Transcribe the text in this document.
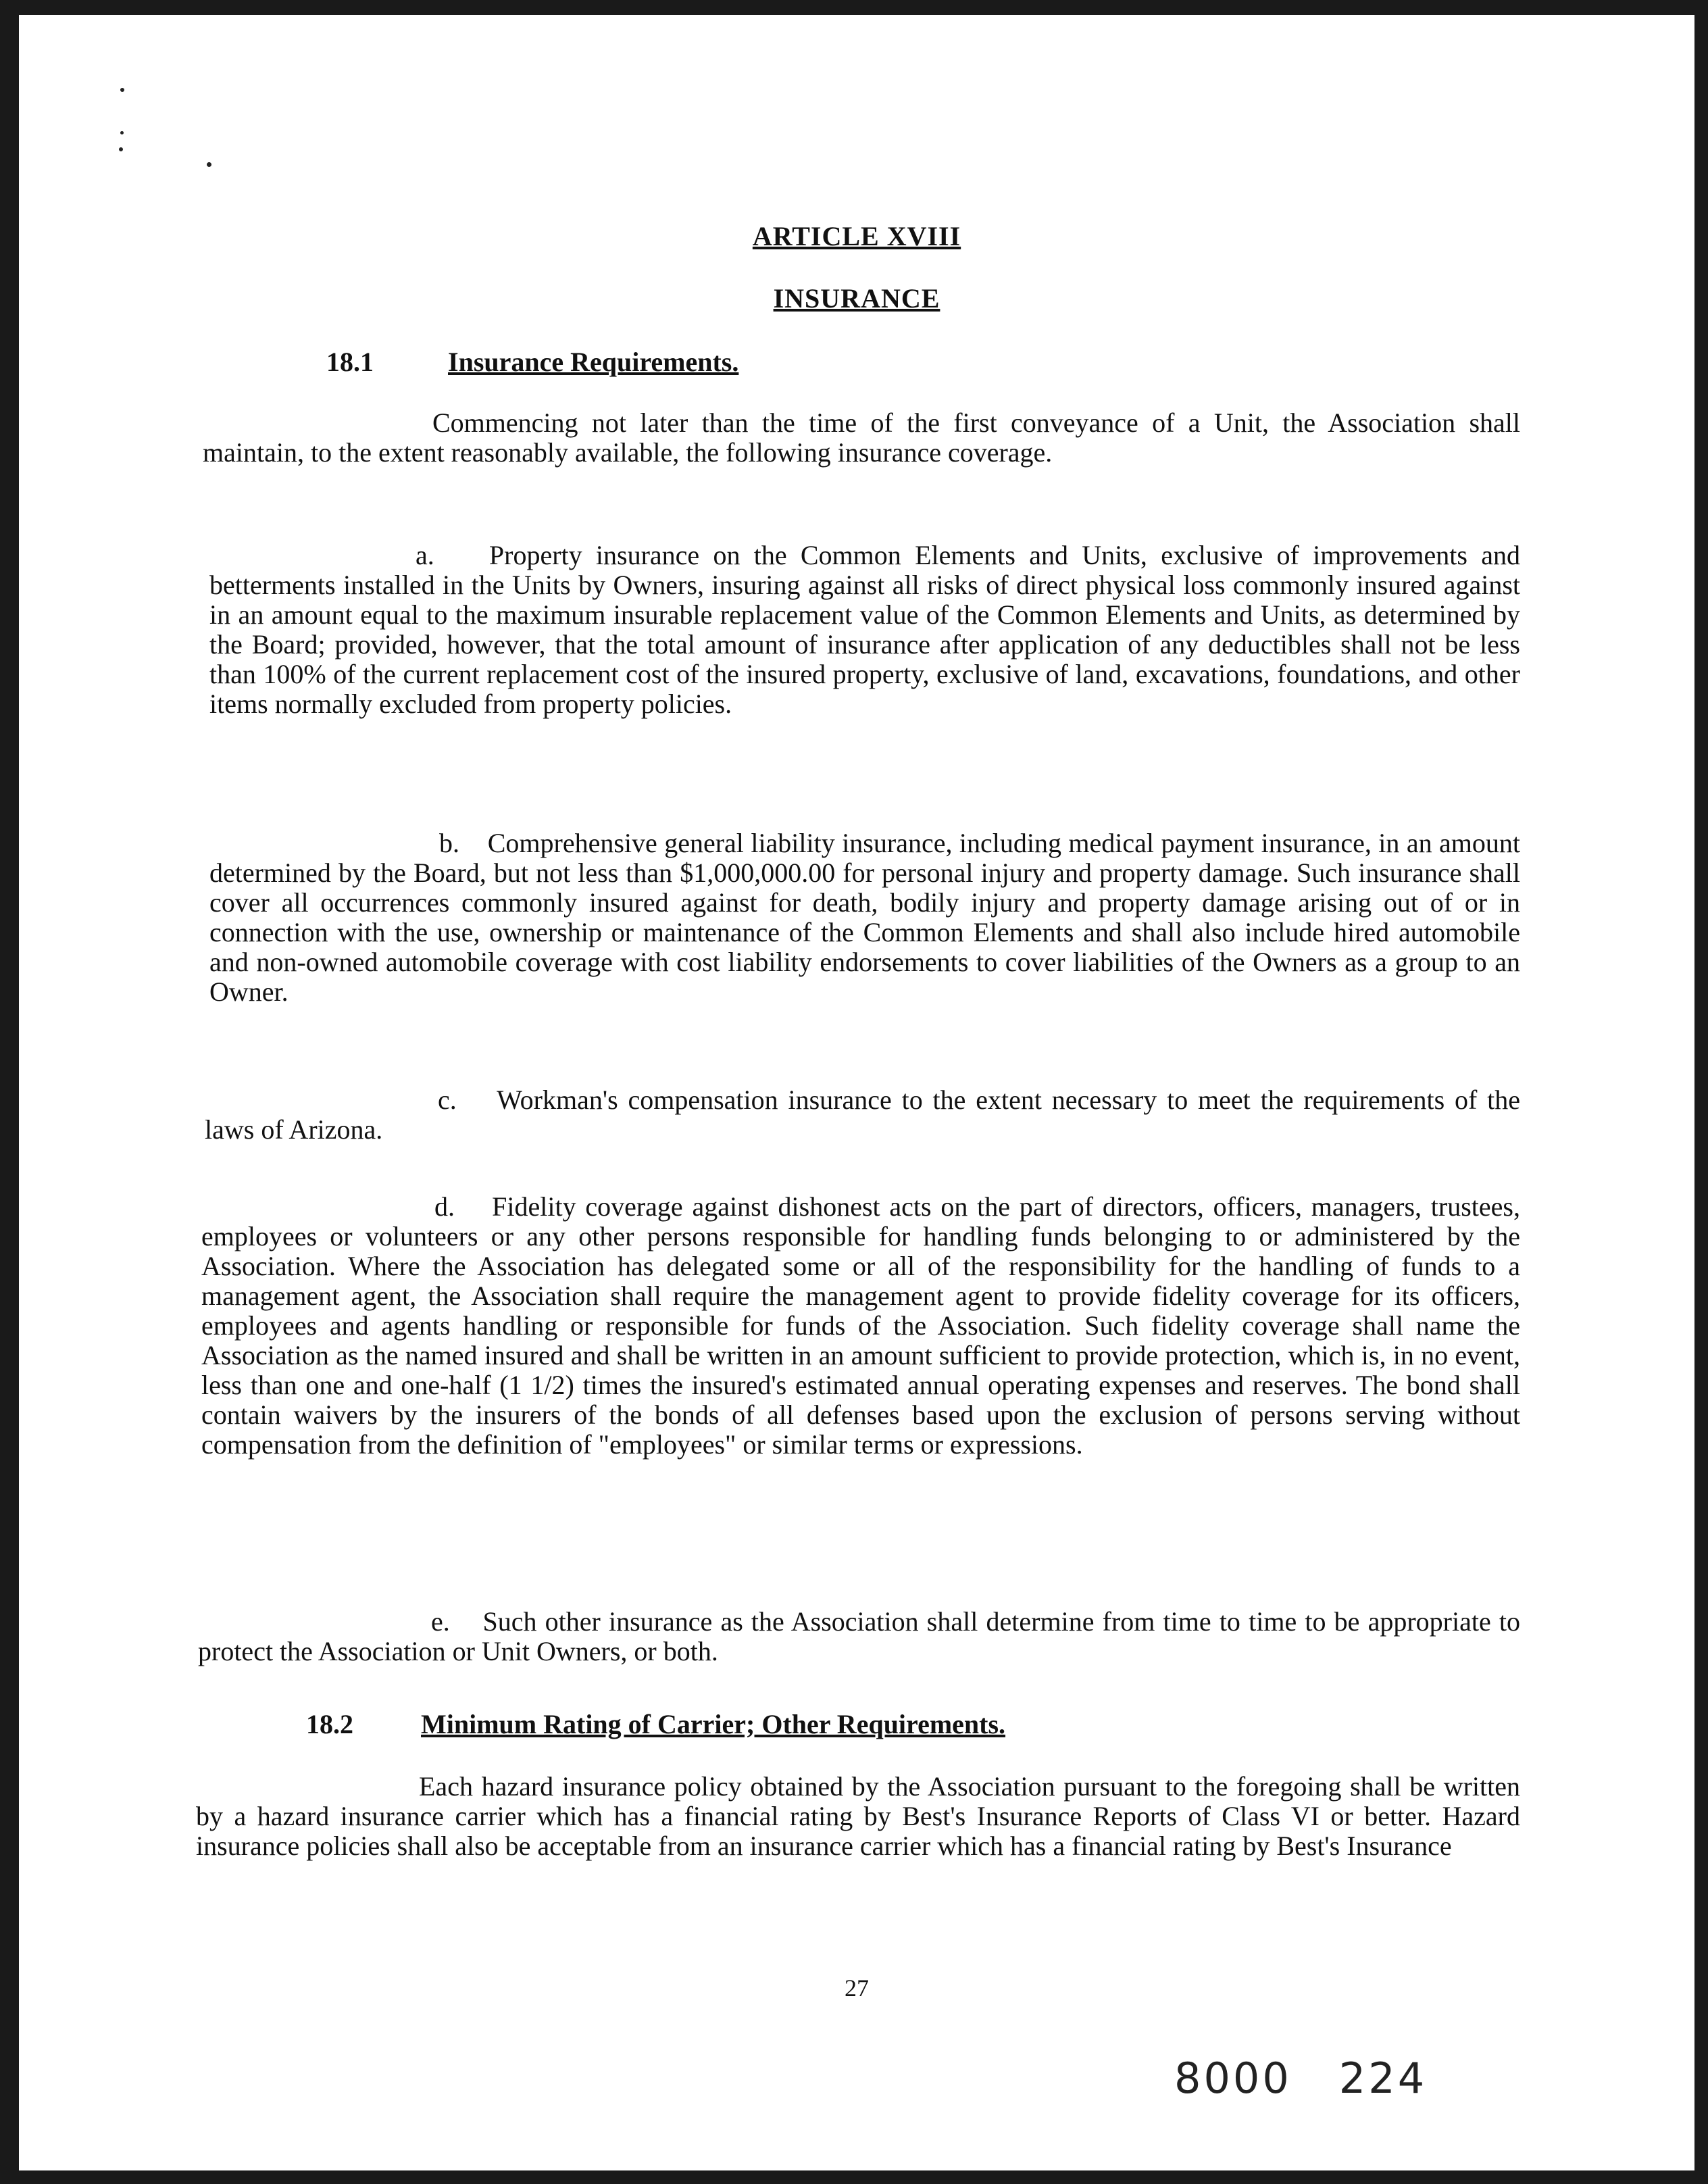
ARTICLE XVIII
INSURANCE
18.1	Insurance Requirements.
Commencing not later than the time of the first conveyance of a Unit, the Association shall maintain, to the extent reasonably available, the following insurance coverage.
a. Property insurance on the Common Elements and Units, exclusive of improvements and betterments installed in the Units by Owners, insuring against all risks of direct physical loss commonly insured against in an amount equal to the maximum insurable replacement value of the Common Elements and Units, as determined by the Board; provided, however, that the total amount of insurance after application of any deductibles shall not be less than 100% of the current replacement cost of the insured property, exclusive of land, excavations, foundations, and other items normally excluded from property policies.
b. Comprehensive general liability insurance, including medical payment insurance, in an amount determined by the Board, but not less than $1,000,000.00 for personal injury and property damage. Such insurance shall cover all occurrences commonly insured against for death, bodily injury and property damage arising out of or in connection with the use, ownership or maintenance of the Common Elements and shall also include hired automobile and non-owned automobile coverage with cost liability endorsements to cover liabilities of the Owners as a group to an Owner.
c. Workman's compensation insurance to the extent necessary to meet the requirements of the laws of Arizona.
d. Fidelity coverage against dishonest acts on the part of directors, officers, managers, trustees, employees or volunteers or any other persons responsible for handling funds belonging to or administered by the Association. Where the Association has delegated some or all of the responsibility for the handling of funds to a management agent, the Association shall require the management agent to provide fidelity coverage for its officers, employees and agents handling or responsible for funds of the Association. Such fidelity coverage shall name the Association as the named insured and shall be written in an amount sufficient to provide protection, which is, in no event, less than one and one-half (1 1/2) times the insured's estimated annual operating expenses and reserves. The bond shall contain waivers by the insurers of the bonds of all defenses based upon the exclusion of persons serving without compensation from the definition of "employees" or similar terms or expressions.
e. Such other insurance as the Association shall determine from time to time to be appropriate to protect the Association or Unit Owners, or both.
18.2	Minimum Rating of Carrier; Other Requirements.
Each hazard insurance policy obtained by the Association pursuant to the foregoing shall be written by a hazard insurance carrier which has a financial rating by Best's Insurance Reports of Class VI or better. Hazard insurance policies shall also be acceptable from an insurance carrier which has a financial rating by Best's Insurance
27
8000 224
